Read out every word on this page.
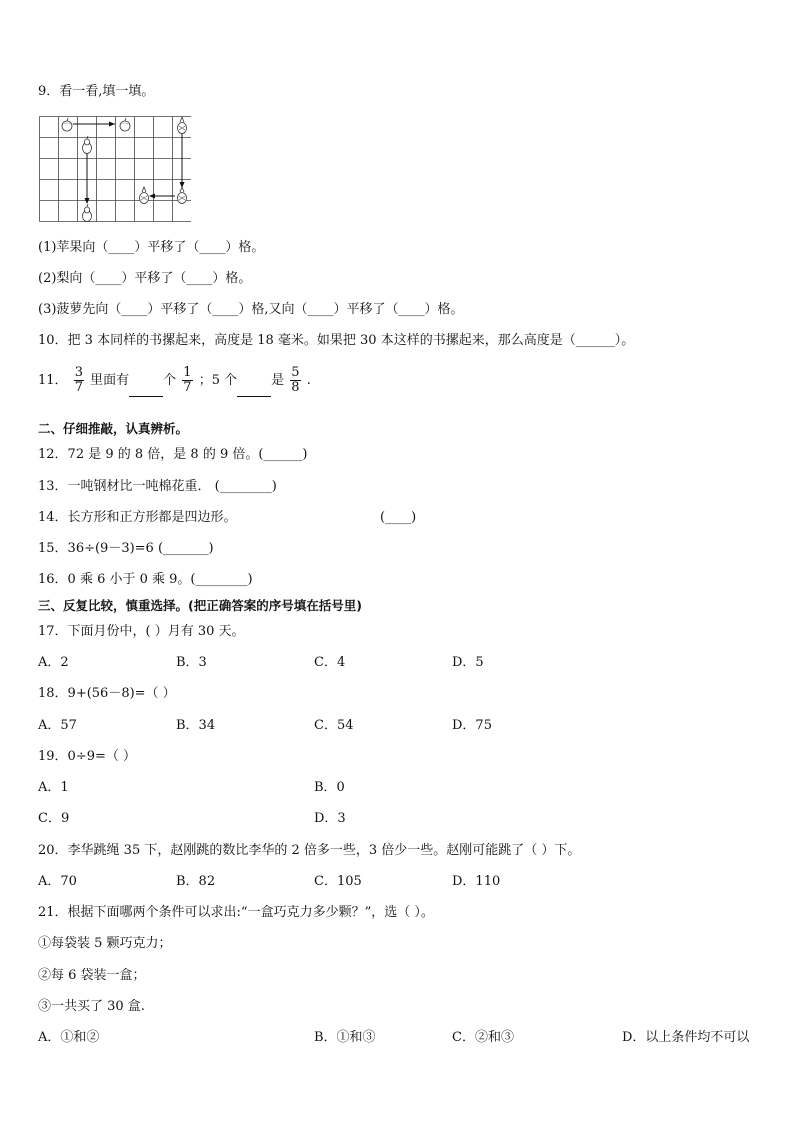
9．看一看,填一填。
(1)苹果向（____）平移了（____）格。
(2)梨向（____）平移了（____）格。
(3)菠萝先向（____）平移了（____）格,又向（____）平移了（____）格。
10．把 3 本同样的书摞起来，高度是 18 毫米。如果把 30 本这样的书摞起来，那么高度是（______）。
11． $\frac{3}{7}$ 里面有	个 $\frac{1}{7}$ ；5 个	是 $\frac{5}{8}$ .
二、仔细推敲，认真辨析。
12．72 是 9 的 8 倍，是 8 的 9 倍。(______)
13．一吨钢材比一吨棉花重． (________)
14．长方形和正方形都是四边形。	(____)
15．36÷(9－3)=6 (_______)
16．0 乘 6 小于 0 乘 9。(________)
三、反复比较，慎重选择。(把正确答案的序号填在括号里)
17．下面月份中，( ）月有 30 天。
A．2	B．3	C．4	D．5
18．9+(56－8)=（ ）
A．57	B．34	C．54	D．75
19．0÷9=（ ）
A．1	B．0
C．9	D．3
20．李华跳绳 35 下，赵刚跳的数比李华的 2 倍多一些，3 倍少一些。赵刚可能跳了（ ）下。
A．70	B．82	C．105	D．110
21．根据下面哪两个条件可以求出:“一盒巧克力多少颗？”，选（ ）。
①每袋装 5 颗巧克力；
②每 6 袋装一盒；
③一共买了 30 盒.
A．①和②	B．①和③	C．②和③	D．以上条件均不可以
